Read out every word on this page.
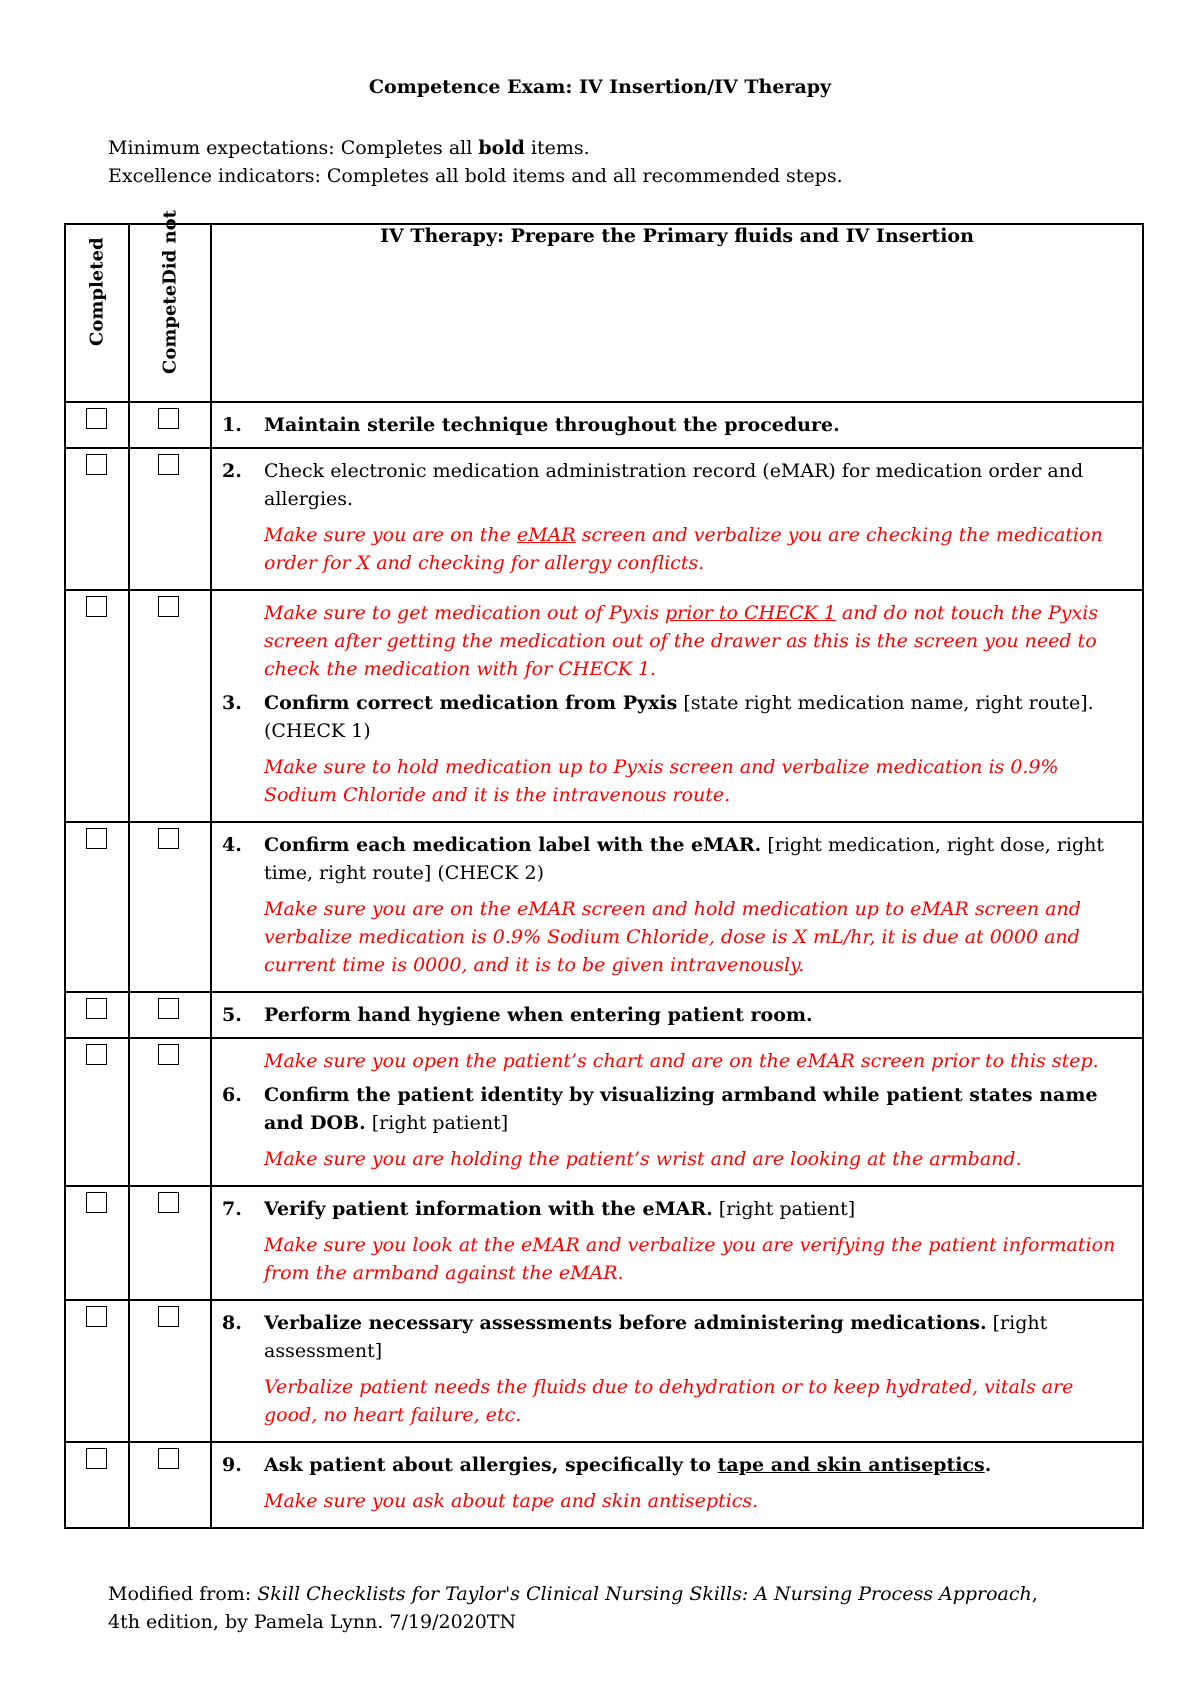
Competence Exam: IV Insertion/IV Therapy
Minimum expectations: Completes all bold items.
Excellence indicators: Completes all bold items and all recommended steps.
Completed	CompeteDid not	IV Therapy: Prepare the Primary fluids and IV Insertion

		1. Maintain sterile technique throughout the procedure.

		2. Check electronic medication administration record (eMAR) for medication order and allergies.
Make sure you are on the eMAR screen and verbalize you are checking the medication order for X and checking for allergy conflicts.

		Make sure to get medication out of Pyxis prior to CHECK 1 and do not touch the Pyxis screen after getting the medication out of the drawer as this is the screen you need to check the medication with for CHECK 1.
3. Confirm correct medication from Pyxis [state right medication name, right route]. (CHECK 1)
Make sure to hold medication up to Pyxis screen and verbalize medication is 0.9% Sodium Chloride and it is the intravenous route.

		4. Confirm each medication label with the eMAR. [right medication, right dose, right time, right route] (CHECK 2)
Make sure you are on the eMAR screen and hold medication up to eMAR screen and verbalize medication is 0.9% Sodium Chloride, dose is X mL/hr, it is due at 0000 and current time is 0000, and it is to be given intravenously.

		5. Perform hand hygiene when entering patient room.

		Make sure you open the patient’s chart and are on the eMAR screen prior to this step.
6. Confirm the patient identity by visualizing armband while patient states name and DOB. [right patient]
Make sure you are holding the patient’s wrist and are looking at the armband.

		7. Verify patient information with the eMAR. [right patient]
Make sure you look at the eMAR and verbalize you are verifying the patient information from the armband against the eMAR.

		8. Verbalize necessary assessments before administering medications. [right assessment]
Verbalize patient needs the fluids due to dehydration or to keep hydrated, vitals are good, no heart failure, etc.

		9. Ask patient about allergies, specifically to tape and skin antiseptics.
Make sure you ask about tape and skin antiseptics.
Modified from: Skill Checklists for Taylor's Clinical Nursing Skills: A Nursing Process Approach,
4th edition, by Pamela Lynn. 7/19/2020TN
